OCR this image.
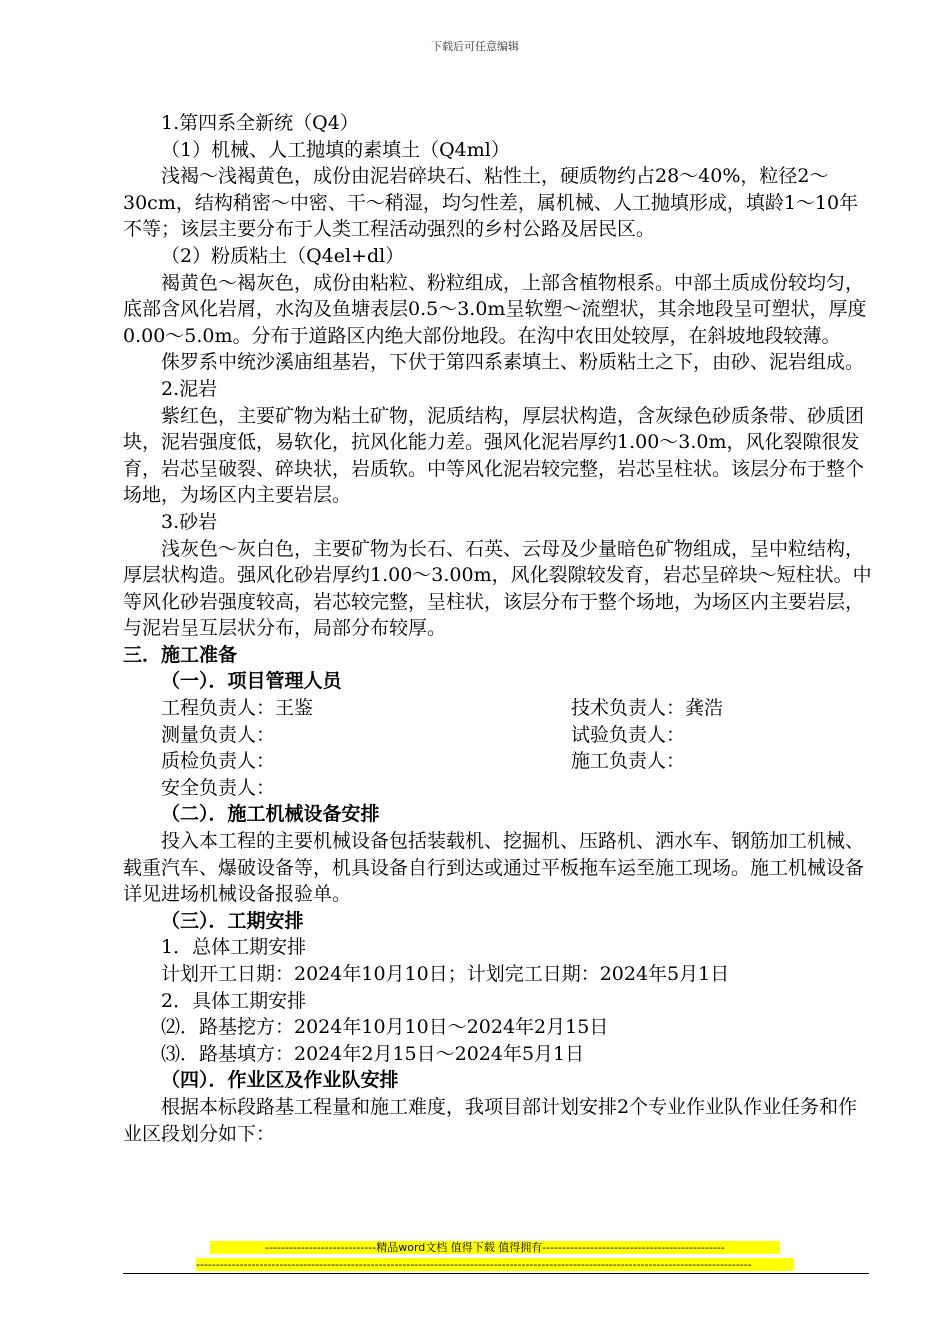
下载后可任意编辑

1.第四系全新统（Q4）

（1）机械、人工抛填的素填土（Q4ml）

浅褐～浅褐黄色，成份由泥岩碎块石、粘性土，硬质物约占28～40%，粒径2～30cm，结构稍密～中密、干～稍湿，均匀性差，属机械、人工抛填形成，填龄1～10年不等；该层主要分布于人类工程活动强烈的乡村公路及居民区。

（2）粉质粘土（Q4el+dl）

褐黄色～褐灰色，成份由粘粒、粉粒组成，上部含植物根系。中部土质成份较均匀，底部含风化岩屑，水沟及鱼塘表层0.5～3.0m呈软塑～流塑状，其余地段呈可塑状，厚度0.00～5.0m。分布于道路区内绝大部份地段。在沟中农田处较厚，在斜坡地段较薄。

侏罗系中统沙溪庙组基岩，下伏于第四系素填土、粉质粘土之下，由砂、泥岩组成。

2.泥岩

紫红色，主要矿物为粘土矿物，泥质结构，厚层状构造，含灰绿色砂质条带、砂质团块，泥岩强度低，易软化，抗风化能力差。强风化泥岩厚约1.00～3.0m，风化裂隙很发育，岩芯呈破裂、碎块状，岩质软。中等风化泥岩较完整，岩芯呈柱状。该层分布于整个场地，为场区内主要岩层。

3.砂岩

浅灰色～灰白色，主要矿物为长石、石英、云母及少量暗色矿物组成，呈中粒结构，厚层状构造。强风化砂岩厚约1.00～3.00m，风化裂隙较发育，岩芯呈碎块～短柱状。中等风化砂岩强度较高，岩芯较完整，呈柱状，该层分布于整个场地，为场区内主要岩层，与泥岩呈互层状分布，局部分布较厚。

三．施工准备

（一）．项目管理人员

工程负责人：王鉴	技术负责人：龚浩
测量负责人：	试验负责人：
质检负责人：	施工负责人：
安全负责人：

（二）．施工机械设备安排

投入本工程的主要机械设备包括装载机、挖掘机、压路机、洒水车、钢筋加工机械、载重汽车、爆破设备等，机具设备自行到达或通过平板拖车运至施工现场。施工机械设备详见进场机械设备报验单。

（三）．工期安排

1．总体工期安排

计划开工日期：2024年10月10日；计划完工日期：2024年5月1日

2．具体工期安排

⑵．路基挖方：2024年10月10日～2024年2月15日

⑶．路基填方：2024年2月15日～2024年5月1日

（四）．作业区及作业队安排

根据本标段路基工程量和施工难度，我项目部计划安排2个专业作业队作业任务和作业区段划分如下：

----------------------------精品word文档 值得下载 值得拥有----------------------------------------------
--------------------------------------------------------------------------------------------------------------------------------------------
